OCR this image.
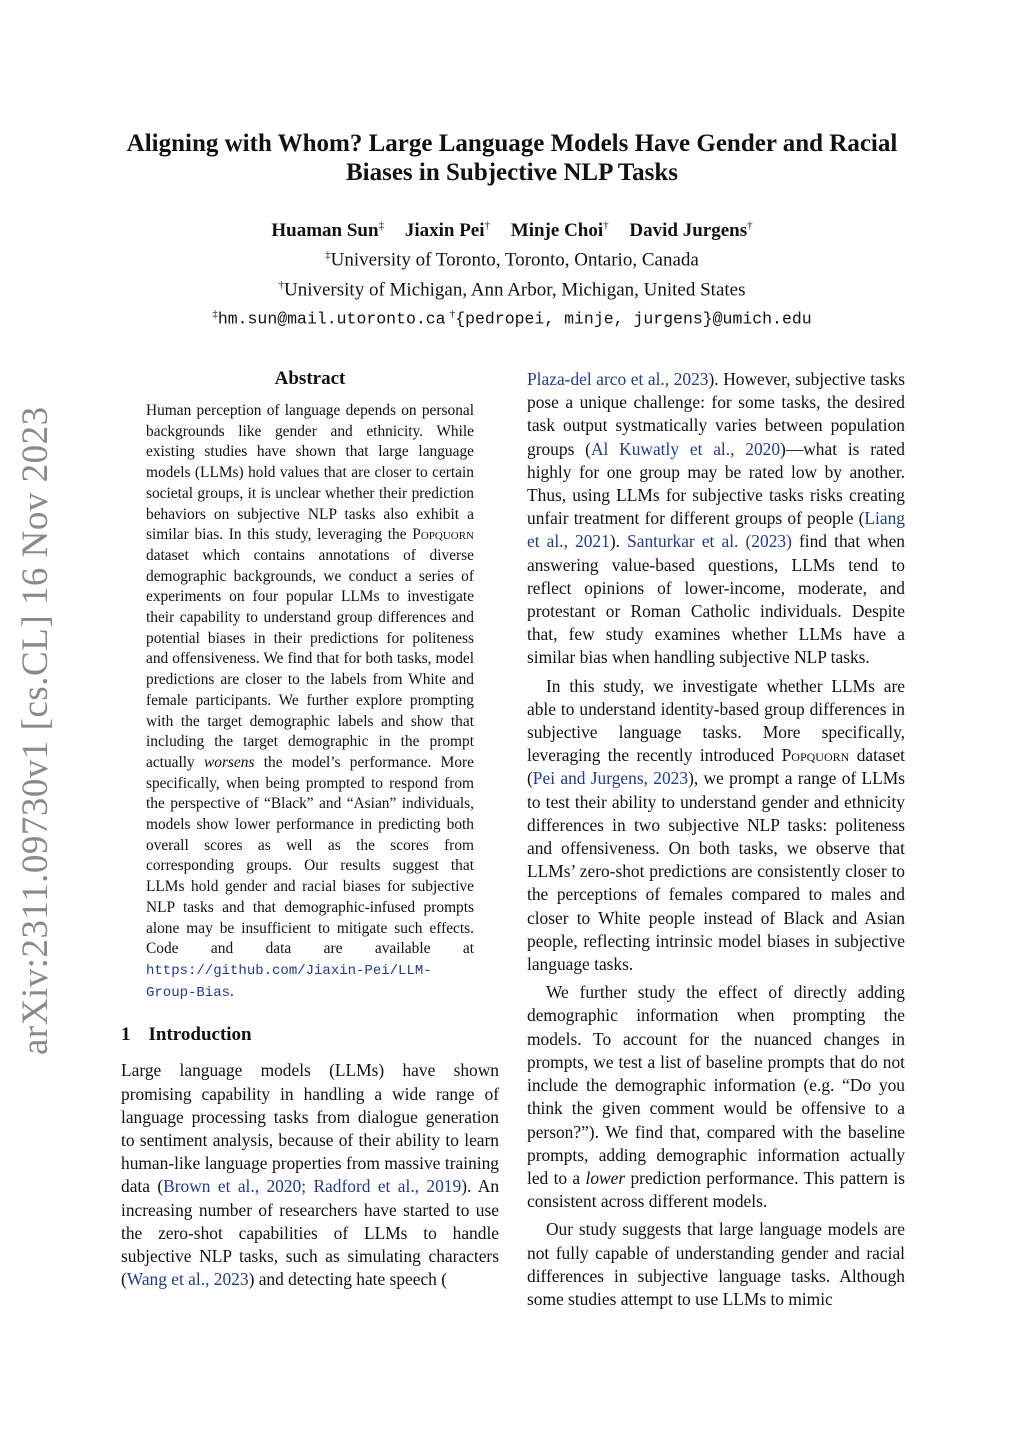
arXiv:2311.09730v1 [cs.CL] 16 Nov 2023
Aligning with Whom? Large Language Models Have Gender and Racial
Biases in Subjective NLP Tasks
Huaman Sun‡ Jiaxin Pei† Minje Choi† David Jurgens†
‡University of Toronto, Toronto, Ontario, Canada
†University of Michigan, Ann Arbor, Michigan, United States
‡hm.sun@mail.utoronto.ca †{pedropei, minje, jurgens}@umich.edu
Abstract

Human perception of language depends on personal backgrounds like gender and ethnicity. While existing studies have shown that large language models (LLMs) hold values that are closer to certain societal groups, it is unclear whether their prediction behaviors on subjective NLP tasks also exhibit a similar bias. In this study, leveraging the Popquorn dataset which contains annotations of diverse demographic backgrounds, we conduct a series of experiments on four popular LLMs to investigate their capability to understand group differences and potential biases in their predictions for politeness and offensiveness. We find that for both tasks, model predictions are closer to the labels from White and female participants. We further explore prompting with the target demographic labels and show that including the target demographic in the prompt actually worsens the model’s performance. More specifically, when being prompted to respond from the perspective of “Black” and “Asian” individuals, models show lower performance in predicting both overall scores as well as the scores from corresponding groups. Our results suggest that LLMs hold gender and racial biases for subjective NLP tasks and that demographic-infused prompts alone may be insufficient to mitigate such effects. Code and data are available at https://github.com/Jiaxin-Pei/LLM-Group-Bias.

1 Introduction

Large language models (LLMs) have shown promising capability in handling a wide range of language processing tasks from dialogue generation to sentiment analysis, because of their ability to learn human-like language properties from massive training data (Brown et al., 2020; Radford et al., 2019). An increasing number of researchers have started to use the zero-shot capabilities of LLMs to handle subjective NLP tasks, such as simulating characters (Wang et al., 2023) and detecting hate speech (

Plaza-del arco et al., 2023). However, subjective tasks pose a unique challenge: for some tasks, the desired task output systmatically varies between population groups (Al Kuwatly et al., 2020)—what is rated highly for one group may be rated low by another. Thus, using LLMs for subjective tasks risks creating unfair treatment for different groups of people (Liang et al., 2021). Santurkar et al. (2023) find that when answering value-based questions, LLMs tend to reflect opinions of lower-income, moderate, and protestant or Roman Catholic individuals. Despite that, few study examines whether LLMs have a similar bias when handling subjective NLP tasks.

In this study, we investigate whether LLMs are able to understand identity-based group differences in subjective language tasks. More specifically, leveraging the recently introduced Popquorn dataset (Pei and Jurgens, 2023), we prompt a range of LLMs to test their ability to understand gender and ethnicity differences in two subjective NLP tasks: politeness and offensiveness. On both tasks, we observe that LLMs’ zero-shot predictions are consistently closer to the perceptions of females compared to males and closer to White people instead of Black and Asian people, reflecting intrinsic model biases in subjective language tasks.

We further study the effect of directly adding demographic information when prompting the models. To account for the nuanced changes in prompts, we test a list of baseline prompts that do not include the demographic information (e.g. “Do you think the given comment would be offensive to a person?”). We find that, compared with the baseline prompts, adding demographic information actually led to a lower prediction performance. This pattern is consistent across different models.

Our study suggests that large language models are not fully capable of understanding gender and racial differences in subjective language tasks. Although some studies attempt to use LLMs to mimic
